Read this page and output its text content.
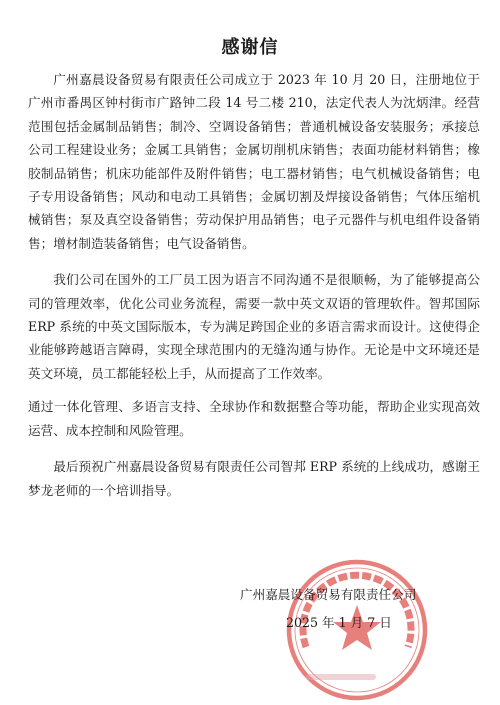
感谢信

广州嘉晨设备贸易有限责任公司成立于 2023 年 10 月 20 日，注册地位于广州市番禺区钟村街市广路钟二段 14 号二楼 210，法定代表人为沈炳津。经营范围包括金属制品销售；制冷、空调设备销售；普通机械设备安装服务；承接总公司工程建设业务；金属工具销售；金属切削机床销售；表面功能材料销售；橡胶制品销售；机床功能部件及附件销售；电工器材销售；电气机械设备销售；电子专用设备销售；风动和电动工具销售；金属切割及焊接设备销售；气体压缩机械销售；泵及真空设备销售；劳动保护用品销售；电子元器件与机电组件设备销售；增材制造装备销售；电气设备销售。

我们公司在国外的工厂员工因为语言不同沟通不是很顺畅，为了能够提高公司的管理效率，优化公司业务流程，需要一款中英文双语的管理软件。智邦国际 ERP 系统的中英文国际版本，专为满足跨国企业的多语言需求而设计。这使得企业能够跨越语言障碍，实现全球范围内的无缝沟通与协作。无论是中文环境还是英文环境，员工都能轻松上手，从而提高了工作效率。

通过一体化管理、多语言支持、全球协作和数据整合等功能，帮助企业实现高效运营、成本控制和风险管理。

最后预祝广州嘉晨设备贸易有限责任公司智邦 ERP 系统的上线成功，感谢王梦龙老师的一个培训指导。

广州嘉晨设备贸易有限责任公司
2025 年 1 月 7 日
